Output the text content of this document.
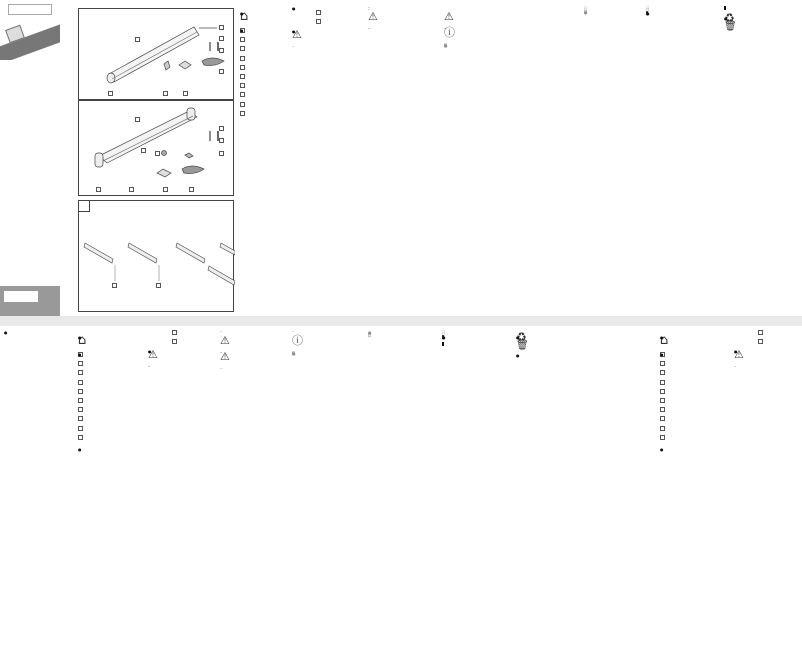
⌂
⚠
⚠	⚠
ⓘ
♻
🗑
⌂
⚠
⚠
⚠
ⓘ	♻
🗑	⌂
⚠
